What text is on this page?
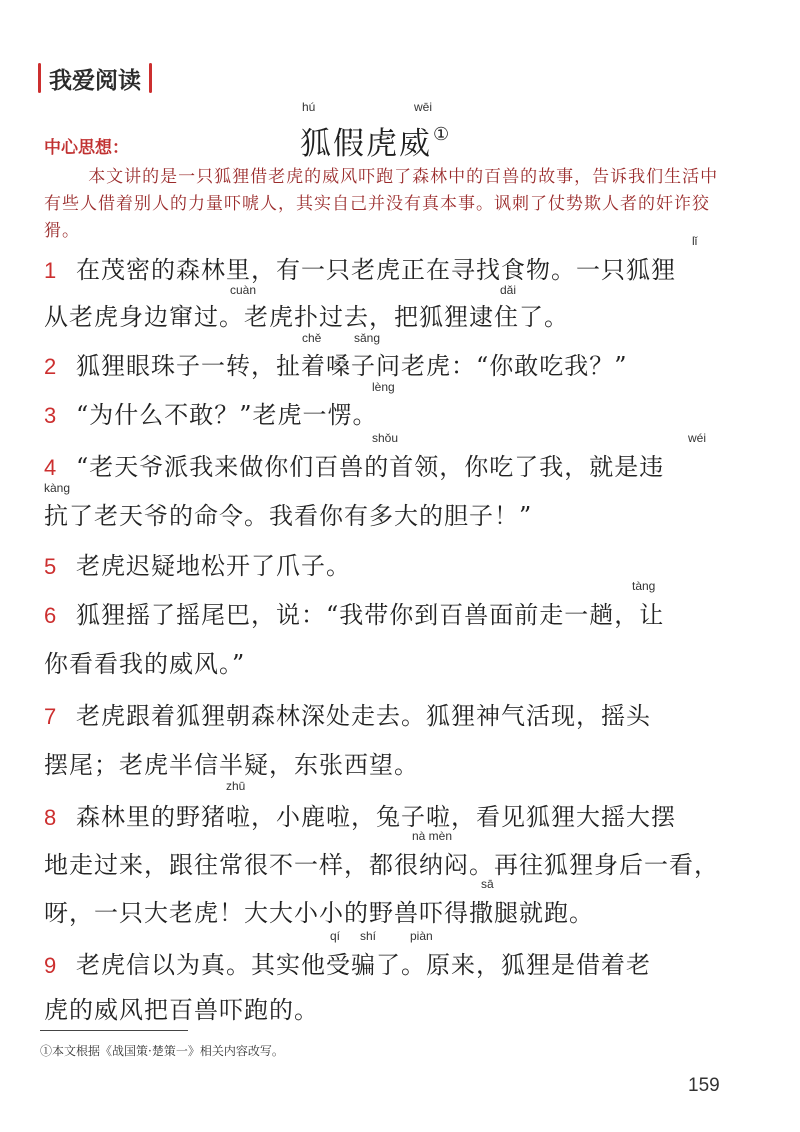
我爱阅读
hú	wēi
狐假虎威①
中心思想：
本文讲的是一只狐狸借老虎的威风吓跑了森林中的百兽的故事，告诉我们生活中有些人借着别人的力量吓唬人，其实自己并没有真本事。讽刺了仗势欺人者的奸诈狡猾。
1 在茂密的森林里，有一只老虎正在寻找食物。一只狐狸
lǐ
从老虎身边窜过。老虎扑过去，把狐狸逮住了。
cuàn	dǎi
2 狐狸眼珠子一转，扯着嗓子问老虎：“你敢吃我？”
chě	sǎng
3 “为什么不敢？”老虎一愣。
lèng
4 “老天爷派我来做你们百兽的首领，你吃了我，就是违
shǒu	wéi
抗了老天爷的命令。我看你有多大的胆子！”
kàng
5 老虎迟疑地松开了爪子。
6 狐狸摇了摇尾巴，说：“我带你到百兽面前走一趟，让
tàng
你看看我的威风。”
7 老虎跟着狐狸朝森林深处走去。狐狸神气活现，摇头
摆尾；老虎半信半疑，东张西望。
8 森林里的野猪啦，小鹿啦，兔子啦，看见狐狸大摇大摆
zhū
地走过来，跟往常很不一样，都很纳闷。再往狐狸身后一看，
nà mèn
呀，一只大老虎！大大小小的野兽吓得撒腿就跑。
sā
9 老虎信以为真。其实他受骗了。原来，狐狸是借着老
qí shí	piàn
虎的威风把百兽吓跑的。
①本文根据《战国策·楚策一》相关内容改写。
159
